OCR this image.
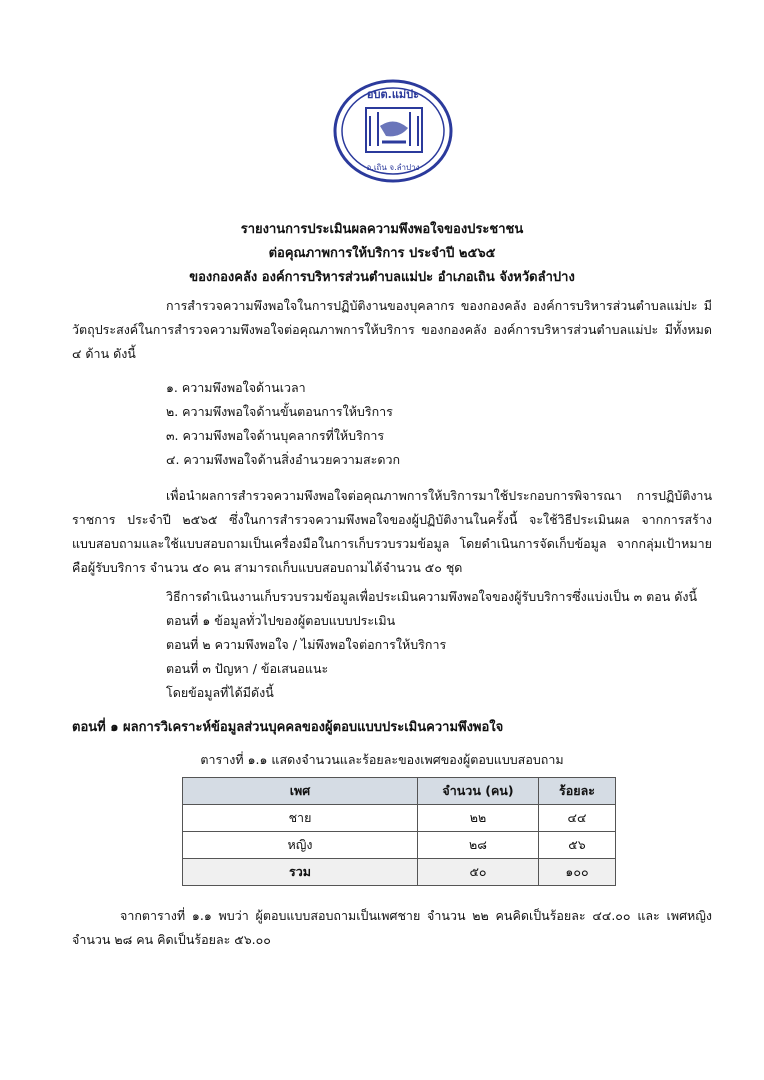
อบต.แม่ปะ
อ.เถิน จ.ลำปาง
รายงานการประเมินผลความพึงพอใจของประชาชน
ต่อคุณภาพการให้บริการ ประจำปี ๒๕๖๕
ของกองคลัง องค์การบริหารส่วนตำบลแม่ปะ อำเภอเถิน จังหวัดลำปาง
การสำรวจความพึงพอใจในการปฏิบัติงานของบุคลากร ของกองคลัง องค์การบริหารส่วนตำบลแม่ปะ มีวัตถุประสงค์ในการสำรวจความพึงพอใจต่อคุณภาพการให้บริการ ของกองคลัง องค์การบริหารส่วนตำบลแม่ปะ มีทั้งหมด ๔ ด้าน ดังนี้
๑. ความพึงพอใจด้านเวลา
๒. ความพึงพอใจด้านขั้นตอนการให้บริการ
๓. ความพึงพอใจด้านบุคลากรที่ให้บริการ
๔. ความพึงพอใจด้านสิ่งอำนวยความสะดวก
เพื่อนำผลการสำรวจความพึงพอใจต่อคุณภาพการให้บริการมาใช้ประกอบการพิจารณา การปฏิบัติงานราชการ ประจำปี ๒๕๖๕ ซึ่งในการสำรวจความพึงพอใจของผู้ปฏิบัติงานในครั้งนี้ จะใช้วิธีประเมินผล จากการสร้างแบบสอบถามและใช้แบบสอบถามเป็นเครื่องมือในการเก็บรวบรวมข้อมูล โดยดำเนินการจัดเก็บข้อมูล จากกลุ่มเป้าหมายคือผู้รับบริการ จำนวน ๕๐ คน สามารถเก็บแบบสอบถามได้จำนวน ๕๐ ชุด
วิธีการดำเนินงานเก็บรวบรวมข้อมูลเพื่อประเมินความพึงพอใจของผู้รับบริการซึ่งแบ่งเป็น ๓ ตอน ดังนี้
ตอนที่ ๑ ข้อมูลทั่วไปของผู้ตอบแบบประเมิน
ตอนที่ ๒ ความพึงพอใจ / ไม่พึงพอใจต่อการให้บริการ
ตอนที่ ๓ ปัญหา / ข้อเสนอแนะ
โดยข้อมูลที่ได้มีดังนี้
ตอนที่ ๑ ผลการวิเคราะห์ข้อมูลส่วนบุคคลของผู้ตอบแบบประเมินความพึงพอใจ
ตารางที่ ๑.๑ แสดงจำนวนและร้อยละของเพศของผู้ตอบแบบสอบถาม
เพศ	จำนวน (คน)	ร้อยละ
ชาย	๒๒	๔๔
หญิง	๒๘	๕๖
รวม	๕๐	๑๐๐
จากตารางที่ ๑.๑ พบว่า ผู้ตอบแบบสอบถามเป็นเพศชาย จำนวน ๒๒ คนคิดเป็นร้อยละ ๔๔.๐๐ และ เพศหญิง จำนวน ๒๘ คน คิดเป็นร้อยละ ๕๖.๐๐
